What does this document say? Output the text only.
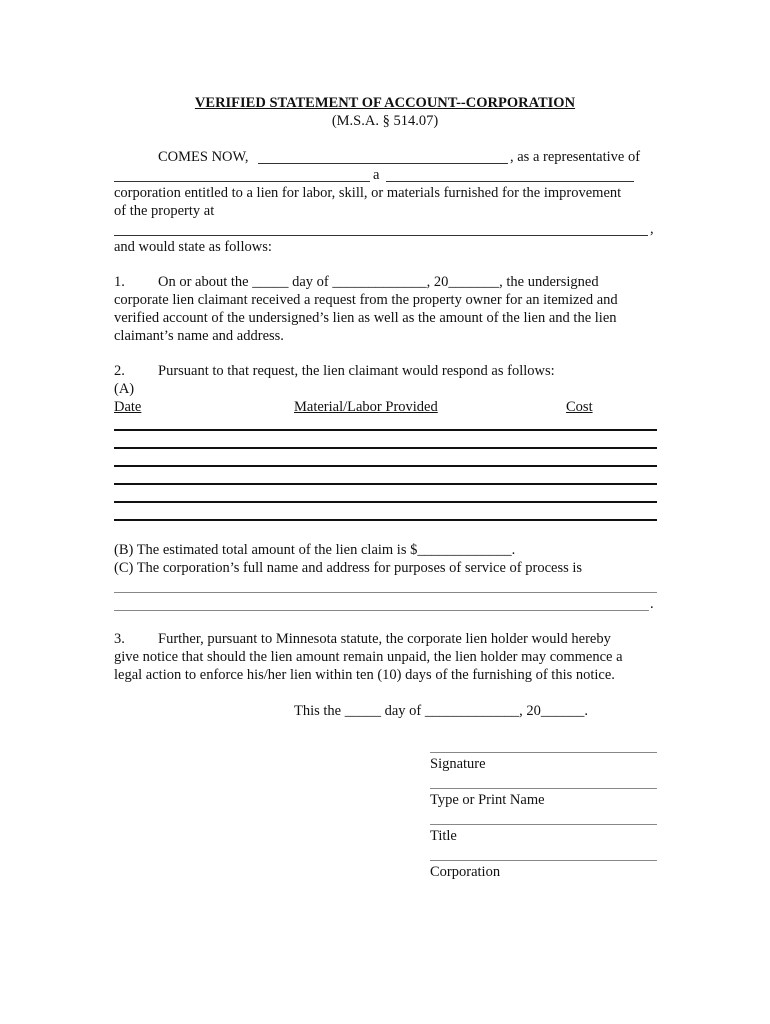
VERIFIED STATEMENT OF ACCOUNT--CORPORATION
(M.S.A. § 514.07)
COMES NOW,	, as a representative of
a
corporation entitled to a lien for labor, skill, or materials furnished for the improvement
of the property at
,
and would state as follows:
1. On or about the _____ day of _____________, 20_______, the undersigned
corporate lien claimant received a request from the property owner for an itemized and
verified account of the undersigned’s lien as well as the amount of the lien and the lien
claimant’s name and address.
2. Pursuant to that request, the lien claimant would respond as follows:
(A)
Date	Material/Labor Provided	Cost
(B) The estimated total amount of the lien claim is $_____________.
(C) The corporation’s full name and address for purposes of service of process is
.
3. Further, pursuant to Minnesota statute, the corporate lien holder would hereby
give notice that should the lien amount remain unpaid, the lien holder may commence a
legal action to enforce his/her lien within ten (10) days of the furnishing of this notice.
This the _____ day of _____________, 20______.
Signature
Type or Print Name
Title
Corporation
